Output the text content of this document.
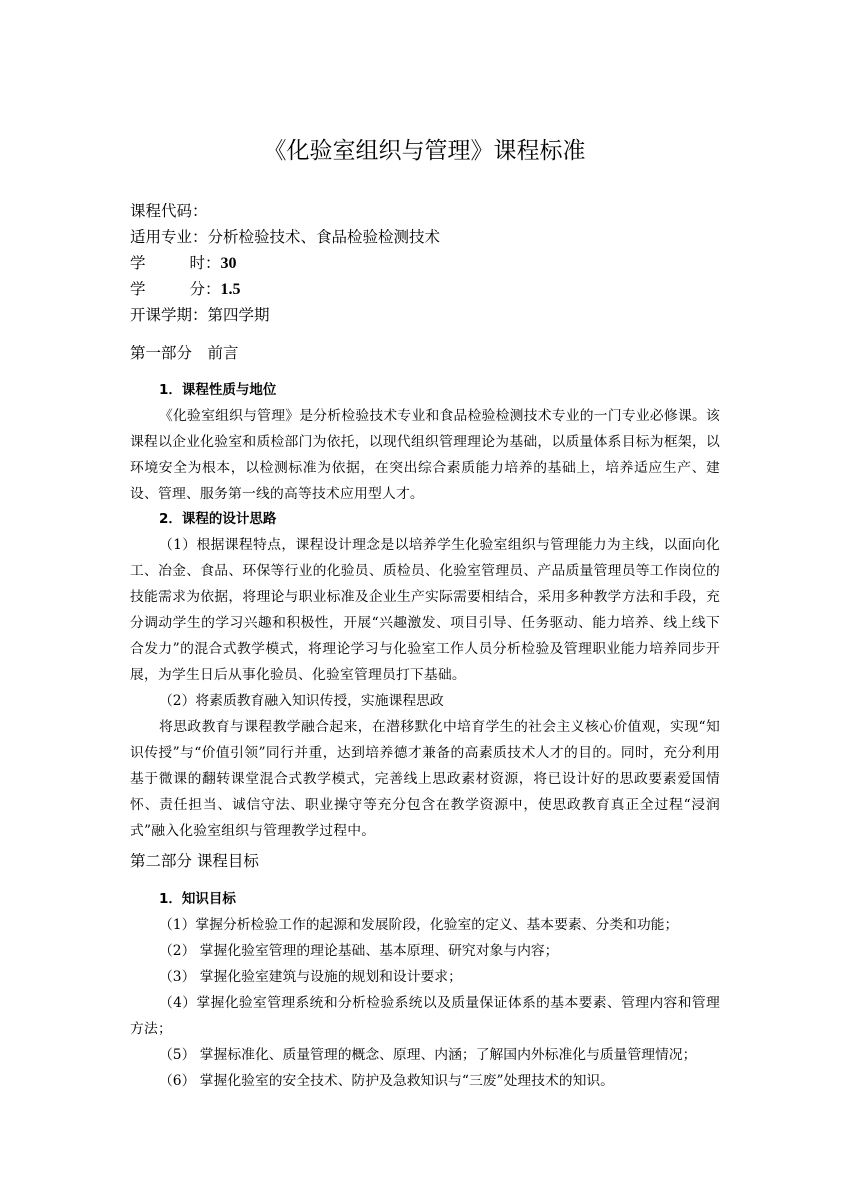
《化验室组织与管理》课程标准
课程代码：
适用专业：分析检验技术、食品检验检测技术
学	时：30
学	分：1.5
开课学期：第四学期
第一部分　前言
1．课程性质与地位
《化验室组织与管理》是分析检验技术专业和食品检验检测技术专业的一门专业必修课。该课程以企业化验室和质检部门为依托，以现代组织管理理论为基础，以质量体系目标为框架，以环境安全为根本，以检测标准为依据，在突出综合素质能力培养的基础上，培养适应生产、建设、管理、服务第一线的高等技术应用型人才。
2．课程的设计思路
（1）根据课程特点，课程设计理念是以培养学生化验室组织与管理能力为主线，以面向化工、冶金、食品、环保等行业的化验员、质检员、化验室管理员、产品质量管理员等工作岗位的技能需求为依据，将理论与职业标准及企业生产实际需要相结合，采用多种教学方法和手段，充分调动学生的学习兴趣和积极性，开展“兴趣激发、项目引导、任务驱动、能力培养、线上线下合发力”的混合式教学模式，将理论学习与化验室工作人员分析检验及管理职业能力培养同步开展，为学生日后从事化验员、化验室管理员打下基础。
（2）将素质教育融入知识传授，实施课程思政
将思政教育与课程教学融合起来，在潜移默化中培育学生的社会主义核心价值观，实现“知识传授”与“价值引领”同行并重，达到培养德才兼备的高素质技术人才的目的。同时，充分利用基于微课的翻转课堂混合式教学模式，完善线上思政素材资源，将已设计好的思政要素爱国情怀、责任担当、诚信守法、职业操守等充分包含在教学资源中，使思政教育真正全过程“浸润式”融入化验室组织与管理教学过程中。
第二部分 课程目标
1．知识目标
（1）掌握分析检验工作的起源和发展阶段，化验室的定义、基本要素、分类和功能；
（2） 掌握化验室管理的理论基础、基本原理、研究对象与内容；
（3） 掌握化验室建筑与设施的规划和设计要求；
（4）掌握化验室管理系统和分析检验系统以及质量保证体系的基本要素、管理内容和管理方法；
（5） 掌握标准化、质量管理的概念、原理、内涵；了解国内外标准化与质量管理情况；
（6） 掌握化验室的安全技术、防护及急救知识与“三废”处理技术的知识。
